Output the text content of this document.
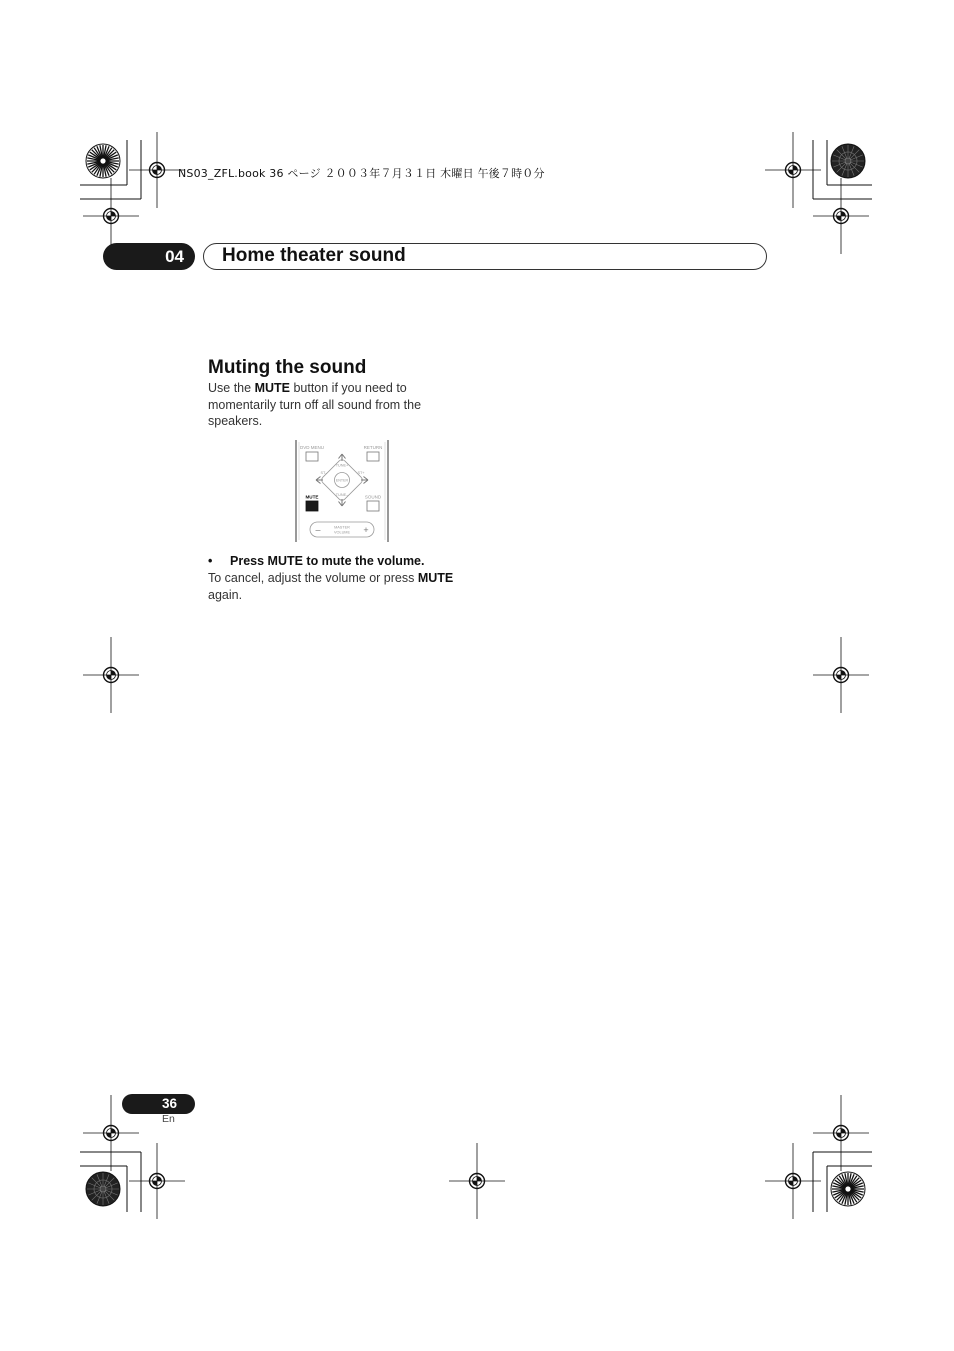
NS03_ZFL.book 36 ページ ２００３年７月３１日 木曜日 午後７時０分
04	Home theater sound
Muting the sound
Use the MUTE button if you need to momentarily turn off all sound from the speakers.
DVD MENU	RETURN
ENTER
TUNE+
TUNE–
ST–	ST+
MUTE	SOUND
–	+
MASTER
VOLUME
• Press MUTE to mute the volume.
To cancel, adjust the volume or press MUTE again.
36
En
